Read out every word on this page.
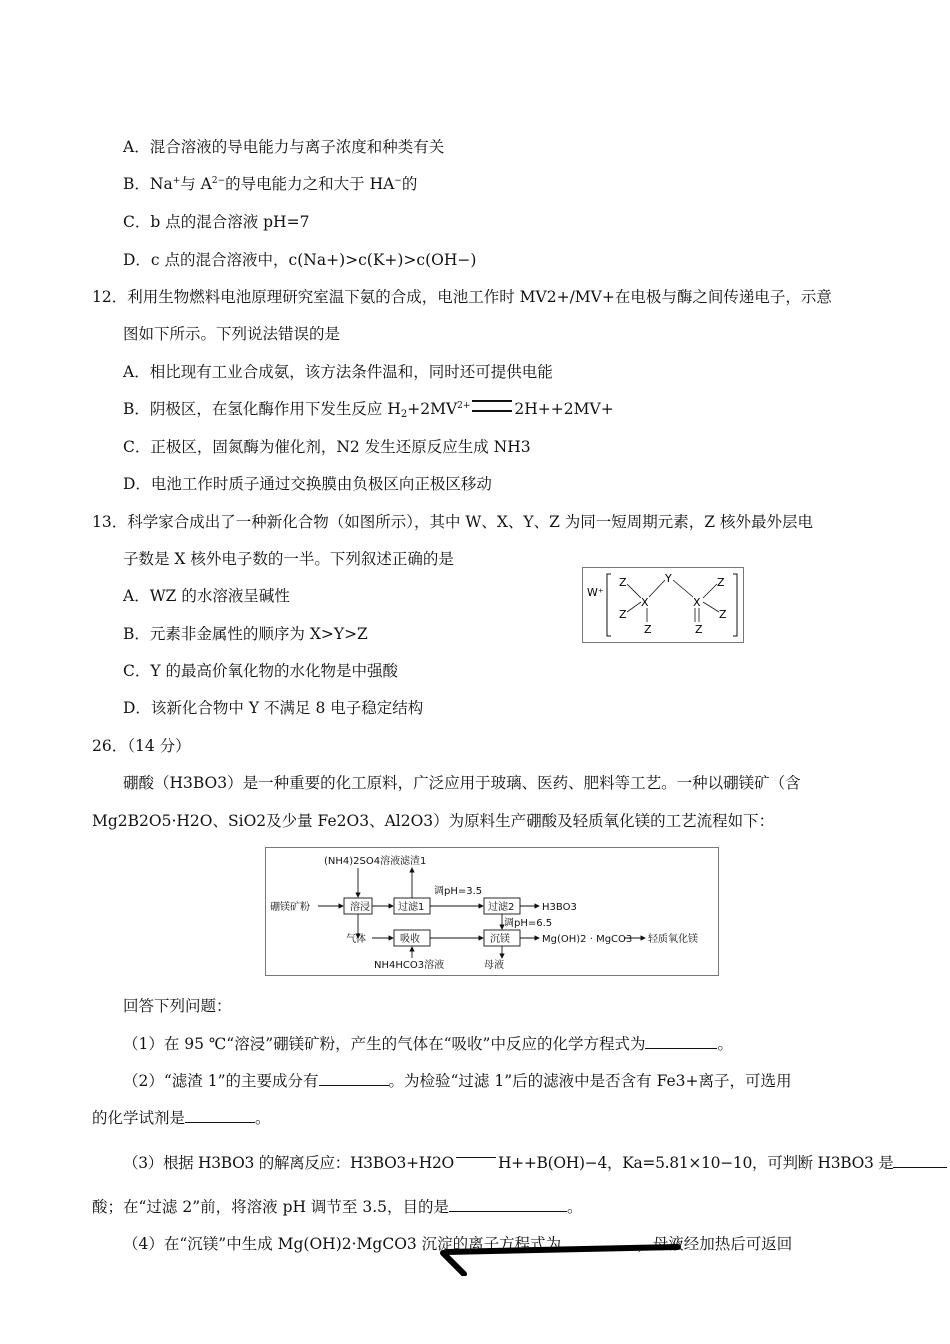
A．混合溶液的导电能力与离子浓度和种类有关
B．Na+与 $A^{2-}$的导电能力之和大于 HA−的
C．b 点的混合溶液 pH=7
D．c 点的混合溶液中，c(Na+)>c(K+)>c(OH−)
12．利用生物燃料电池原理研究室温下氨的合成，电池工作时 MV2+/MV+在电极与酶之间传递电子，示意
图如下所示。下列说法错误的是
A．相比现有工业合成氨，该方法条件温和，同时还可提供电能
B．阴极区，在氢化酶作用下发生反应 $H_2+2MV^{2+}$	2H++2MV+
C．正极区，固氮酶为催化剂，N2 发生还原反应生成 NH3
D．电池工作时质子通过交换膜由负极区向正极区移动
13．科学家合成出了一种新化合物（如图所示），其中 W、X、Y、Z 为同一短周期元素，Z 核外最外层电
子数是 X 核外电子数的一半。下列叙述正确的是
A．WZ 的水溶液呈碱性
B．元素非金属性的顺序为 X>Y>Z
C．Y 的最高价氧化物的水化物是中强酸
D．该新化合物中 Y 不满足 8 电子稳定结构
W⁺
Z
Z
X
Z
Y
X
Z
Z
Z
26．（14 分）
硼酸（H3BO3）是一种重要的化工原料，广泛应用于玻璃、医药、肥料等工艺。一种以硼镁矿（含
Mg2B2O5·H2O、SiO2及少量 Fe2O3、Al2O3）为原料生产硼酸及轻质氧化镁的工艺流程如下：
硼镁矿粉
(NH4)2SO4溶液 滤渣1
调pH=3.5
H3BO3
调pH=6.5
气体	Mg(OH)2 · MgCO3 轻质氧化镁
NH4HCO3溶液	母液
溶浸	过滤1	过滤2
吸收	沉镁
回答下列问题：
（1）在 95 ℃“溶浸”硼镁矿粉，产生的气体在“吸收”中反应的化学方程式为	。
（2）“滤渣 1”的主要成分有	。为检验“过滤 1”后的滤液中是否含有 Fe3+离子，可选用
的化学试剂是	。
（3）根据 H3BO3 的解离反应：H3BO3+H2O	H++B(OH)−4，Ka=5.81×10−10，可判断 H3BO3 是
酸；在“过滤 2”前，将溶液 pH 调节至 3.5，目的是	。
（4）在“沉镁”中生成 Mg(OH)2·MgCO3 沉淀的离子方程式为	，母液经加热后可返回
